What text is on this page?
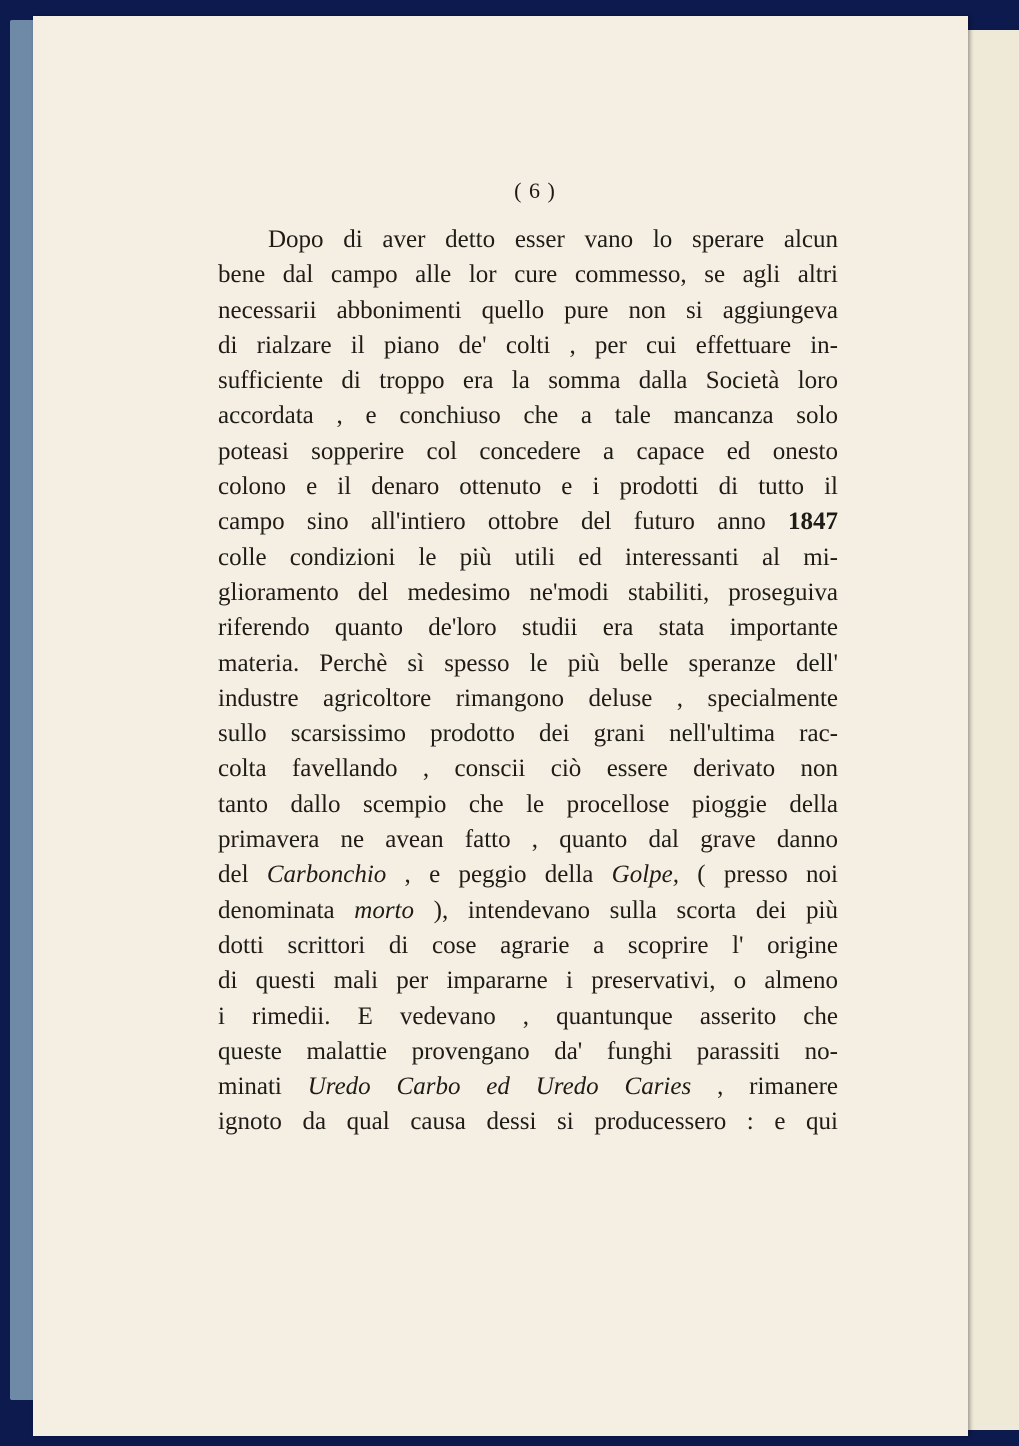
( 6 )
Dopo di aver detto esser vano lo sperare alcun
bene dal campo alle lor cure commesso, se agli altri
necessarii abbonimenti quello pure non si aggiungeva
di rialzare il piano de' colti , per cui effettuare in-
sufficiente di troppo era la somma dalla Società loro
accordata , e conchiuso che a tale mancanza solo
poteasi sopperire col concedere a capace ed onesto
colono e il denaro ottenuto e i prodotti di tutto il
campo sino all'intiero ottobre del futuro anno 1847
colle condizioni le più utili ed interessanti al mi-
glioramento del medesimo ne'modi stabiliti, proseguiva
riferendo quanto de'loro studii era stata importante
materia. Perchè sì spesso le più belle speranze dell'
industre agricoltore rimangono deluse , specialmente
sullo scarsissimo prodotto dei grani nell'ultima rac-
colta favellando , conscii ciò essere derivato non
tanto dallo scempio che le procellose pioggie della
primavera ne avean fatto , quanto dal grave danno
del Carbonchio , e peggio della Golpe, ( presso noi
denominata morto ), intendevano sulla scorta dei più
dotti scrittori di cose agrarie a scoprire l' origine
di questi mali per impararne i preservativi, o almeno
i rimedii. E vedevano , quantunque asserito che
queste malattie provengano da' funghi parassiti no-
minati Uredo Carbo ed Uredo Caries , rimanere
ignoto da qual causa dessi si producessero : e qui
